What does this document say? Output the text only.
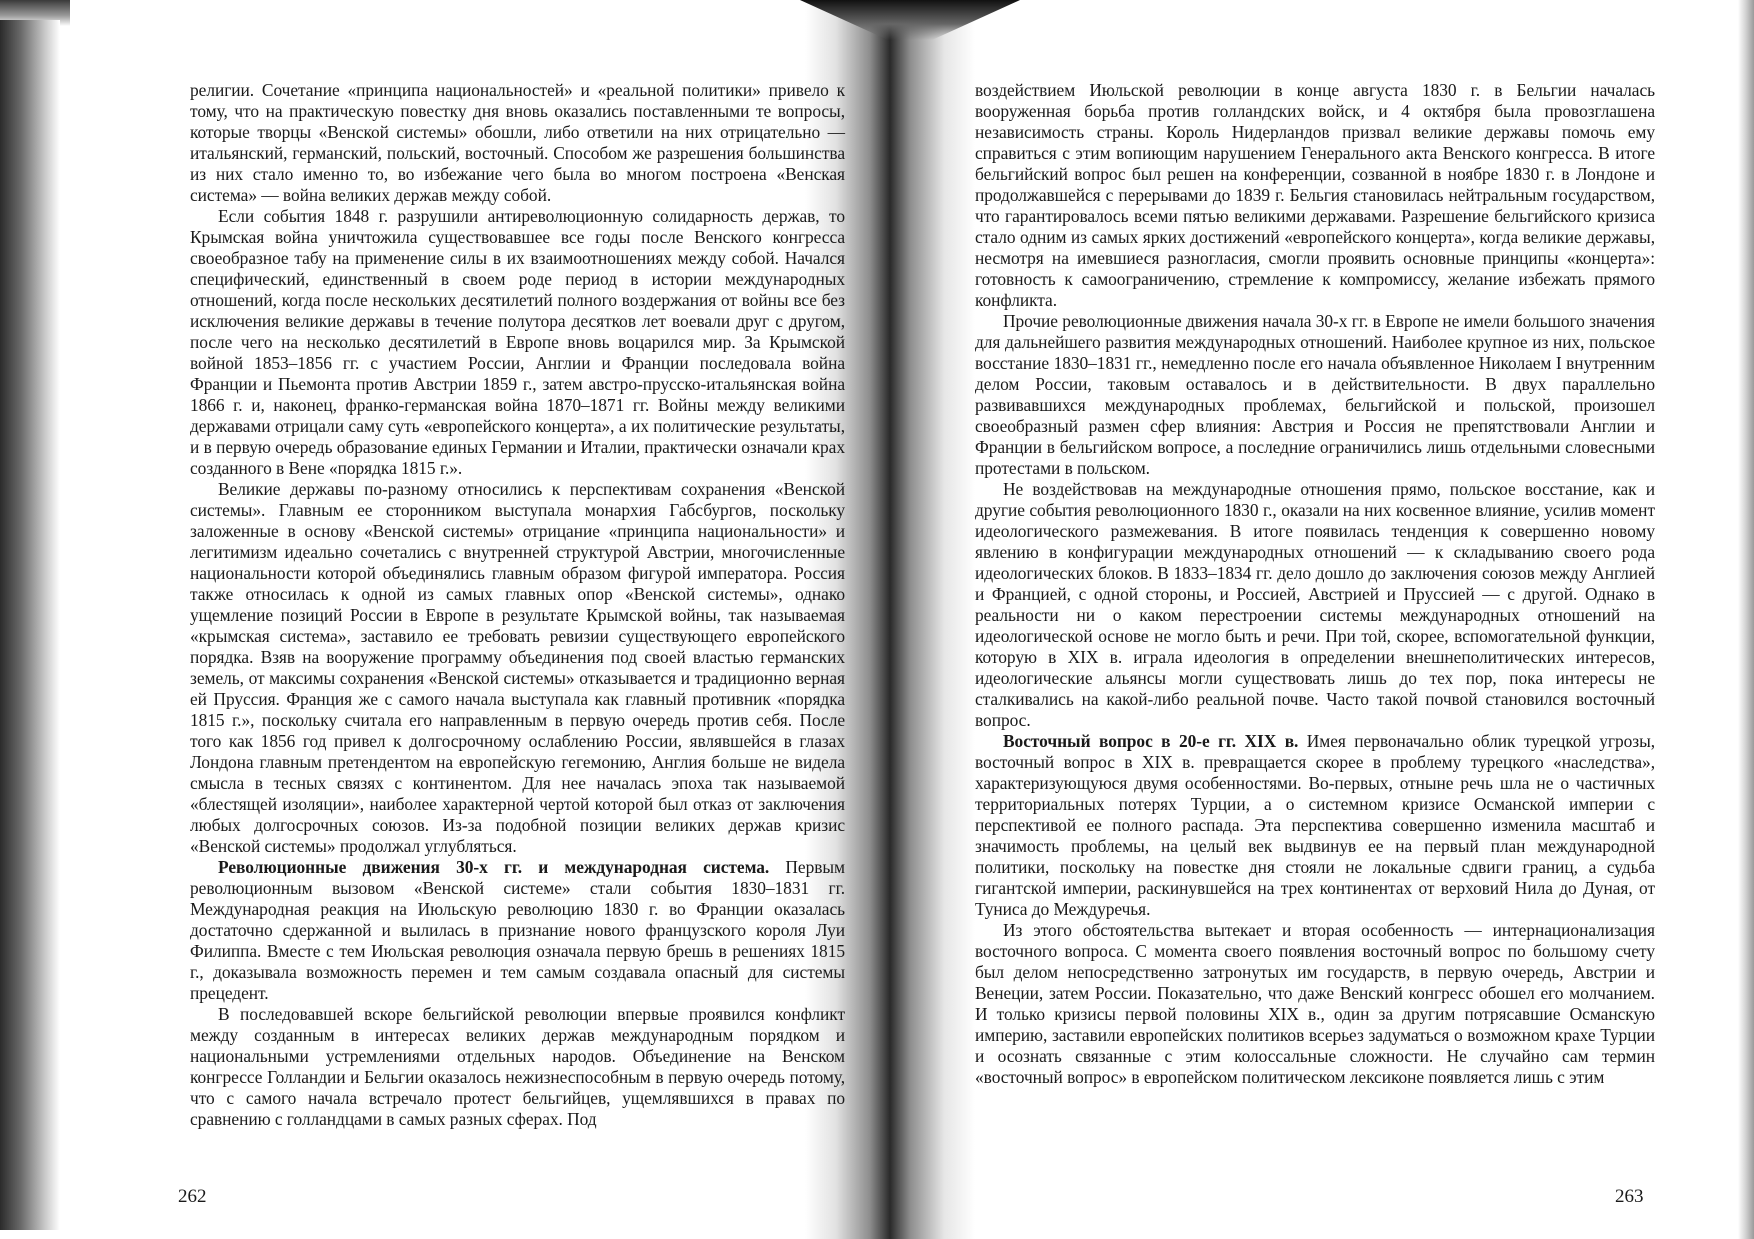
религии. Сочетание «принципа национальностей» и «реальной политики» привело к тому, что на практическую повестку дня вновь оказались поставленными те вопросы, которые творцы «Венской системы» обошли, либо ответили на них отрицательно — итальянский, германский, польский, восточный. Способом же разрешения большинства из них стало именно то, во избежание чего была во многом построена «Венская система» — война великих держав между собой.

Если события 1848 г. разрушили антиреволюционную солидарность держав, то Крымская война уничтожила существовавшее все годы после Венского конгресса своеобразное табу на применение силы в их взаимоотношениях между собой. Начался специфический, единственный в своем роде период в истории международных отношений, когда после нескольких десятилетий полного воздержания от войны все без исключения великие державы в течение полутора десятков лет воевали друг с другом, после чего на несколько десятилетий в Европе вновь воцарился мир. За Крымской войной 1853–1856 гг. с участием России, Англии и Франции последовала война Франции и Пьемонта против Австрии 1859 г., затем австро-прусско-итальянская война 1866 г. и, наконец, франко-германская война 1870–1871 гг. Войны между великими державами отрицали саму суть «европейского концерта», а их политические результаты, и в первую очередь образование единых Германии и Италии, практически означали крах созданного в Вене «порядка 1815 г.».

Великие державы по-разному относились к перспективам сохранения «Венской системы». Главным ее сторонником выступала монархия Габсбургов, поскольку заложенные в основу «Венской системы» отрицание «принципа национальности» и легитимизм идеально сочетались с внутренней структурой Австрии, многочисленные национальности которой объединялись главным образом фигурой императора. Россия также относилась к одной из самых главных опор «Венской системы», однако ущемление позиций России в Европе в результате Крымской войны, так называемая «крымская система», заставило ее требовать ревизии существующего европейского порядка. Взяв на вооружение программу объединения под своей властью германских земель, от максимы сохранения «Венской системы» отказывается и традиционно верная ей Пруссия. Франция же с самого начала выступала как главный противник «порядка 1815 г.», поскольку считала его направленным в первую очередь против себя. После того как 1856 год привел к долгосрочному ослаблению России, являвшейся в глазах Лондона главным претендентом на европейскую гегемонию, Англия больше не видела смысла в тесных связях с континентом. Для нее началась эпоха так называемой «блестящей изоляции», наиболее характерной чертой которой был отказ от заключения любых долгосрочных союзов. Из-за подобной позиции великих держав кризис «Венской системы» продолжал углубляться.

Революционные движения 30-х гг. и международная система. Первым революционным вызовом «Венской системе» стали события 1830–1831 гг. Международная реакция на Июльскую революцию 1830 г. во Франции оказалась достаточно сдержанной и вылилась в признание нового французского короля Луи Филиппа. Вместе с тем Июльская революция означала первую брешь в решениях 1815 г., доказывала возможность перемен и тем самым создавала опасный для системы прецедент.

В последовавшей вскоре бельгийской революции впервые проявился конфликт между созданным в интересах великих держав международным порядком и национальными устремлениями отдельных народов. Объединение на Венском конгрессе Голландии и Бельгии оказалось нежизнеспособным в первую очередь потому, что с самого начала встречало протест бельгийцев, ущемлявшихся в правах по сравнению с голландцами в самых разных сферах. Под

воздействием Июльской революции в конце августа 1830 г. в Бельгии началась вооруженная борьба против голландских войск, и 4 октября была провозглашена независимость страны. Король Нидерландов призвал великие державы помочь ему справиться с этим вопиющим нарушением Генерального акта Венского конгресса. В итоге бельгийский вопрос был решен на конференции, созванной в ноябре 1830 г. в Лондоне и продолжавшейся с перерывами до 1839 г. Бельгия становилась нейтральным государством, что гарантировалось всеми пятью великими державами. Разрешение бельгийского кризиса стало одним из самых ярких достижений «европейского концерта», когда великие державы, несмотря на имевшиеся разногласия, смогли проявить основные принципы «концерта»: готовность к самоограничению, стремление к компромиссу, желание избежать прямого конфликта.

Прочие революционные движения начала 30-х гг. в Европе не имели большого значения для дальнейшего развития международных отношений. Наиболее крупное из них, польское восстание 1830–1831 гг., немедленно после его начала объявленное Николаем I внутренним делом России, таковым оставалось и в действительности. В двух параллельно развивавшихся международных проблемах, бельгийской и польской, произошел своеобразный размен сфер влияния: Австрия и Россия не препятствовали Англии и Франции в бельгийском вопросе, а последние ограничились лишь отдельными словесными протестами в польском.

Не воздействовав на международные отношения прямо, польское восстание, как и другие события революционного 1830 г., оказали на них косвенное влияние, усилив момент идеологического размежевания. В итоге появилась тенденция к совершенно новому явлению в конфигурации международных отношений — к складыванию своего рода идеологических блоков. В 1833–1834 гг. дело дошло до заключения союзов между Англией и Францией, с одной стороны, и Россией, Австрией и Пруссией — с другой. Однако в реальности ни о каком перестроении системы международных отношений на идеологической основе не могло быть и речи. При той, скорее, вспомогательной функции, которую в XIX в. играла идеология в определении внешнеполитических интересов, идеологические альянсы могли существовать лишь до тех пор, пока интересы не сталкивались на какой-либо реальной почве. Часто такой почвой становился восточный вопрос.

Восточный вопрос в 20-е гг. XIX в. Имея первоначально облик турецкой угрозы, восточный вопрос в XIX в. превращается скорее в проблему турецкого «наследства», характеризующуюся двумя особенностями. Во-первых, отныне речь шла не о частичных территориальных потерях Турции, а о системном кризисе Османской империи с перспективой ее полного распада. Эта перспектива совершенно изменила масштаб и значимость проблемы, на целый век выдвинув ее на первый план международной политики, поскольку на повестке дня стояли не локальные сдвиги границ, а судьба гигантской империи, раскинувшейся на трех континентах от верховий Нила до Дуная, от Туниса до Междуречья.

Из этого обстоятельства вытекает и вторая особенность — интернационализация восточного вопроса. С момента своего появления восточный вопрос по большому счету был делом непосредственно затронутых им государств, в первую очередь, Австрии и Венеции, затем России. Показательно, что даже Венский конгресс обошел его молчанием. И только кризисы первой половины XIX в., один за другим потрясавшие Османскую империю, заставили европейских политиков всерьез задуматься о возможном крахе Турции и осознать связанные с этим колоссальные сложности. Не случайно сам термин «восточный вопрос» в европейском политическом лексиконе появляется лишь с этим

262	263
